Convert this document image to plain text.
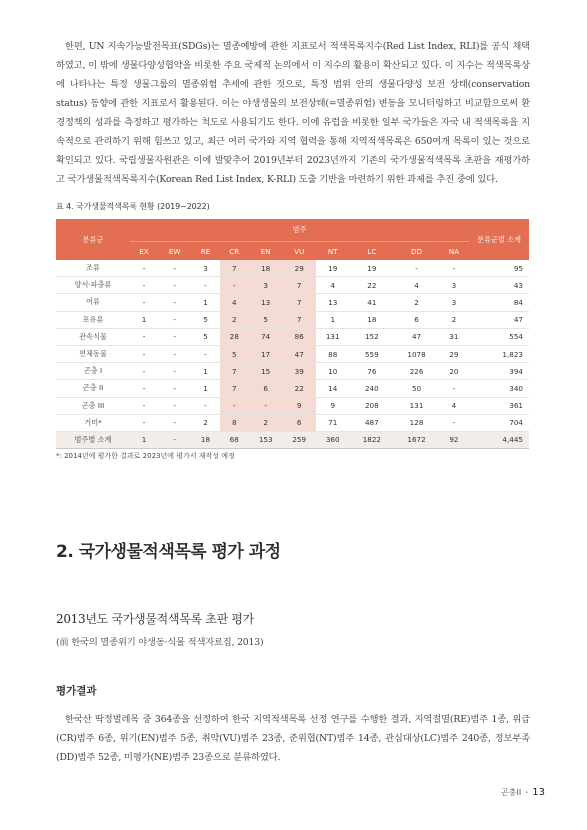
한편, UN 지속가능발전목표(SDGs)는 멸종예방에 관한 지표로서 적색목록지수(Red List Index, RLI)를 공식 채택하였고, 이 밖에 생물다양성협약을 비롯한 주요 국제적 논의에서 이 지수의 활용이 확산되고 있다. 이 지수는 적색목록상에 나타나는 특정 생물그룹의 멸종위험 추세에 관한 것으로, 특정 범위 안의 생물다양성 보전 상태(conservation status) 동향에 관한 지표로서 활용된다. 이는 야생생물의 보전상태(=멸종위험) 변동을 모니터링하고 비교함으로써 환경정책의 성과를 측정하고 평가하는 척도로 사용되기도 한다. 이에 유럽을 비롯한 일부 국가들은 자국 내 적색목록을 지속적으로 관리하기 위해 힘쓰고 있고, 최근 여러 국가와 지역 협력을 통해 지역적색목록은 650여개 목록이 있는 것으로 확인되고 있다. 국립생물자원관은 이에 발맞추어 2019년부터 2023년까지 기존의 국가생물적색목록 초판을 재평가하고 국가생물적색목록지수(Korean Red List Index, K-RLI) 도출 기반을 마련하기 위한 과제를 추진 중에 있다.

표 4. 국가생물적색목록 현황 (2019~2022)
분류군	범주										분류군별 소계
	EX	EW	RE	CR	EN	VU	NT	LC	DD	NA	
조류	-	-	3	7	18	29	19	19	-	-	95
양서·파충류	-	-	-	-	3	7	4	22	4	3	43
어류	-	-	1	4	13	7	13	41	2	3	84
포유류	1	-	5	2	5	7	1	18	6	2	47
관속식물	-	-	5	28	74	86	131	152	47	31	554
연체동물	-	-	-	5	17	47	88	559	1078	29	1,823
곤충 I	-	-	1	7	15	39	10	76	226	20	394
곤충 II	-	-	1	7	6	22	14	240	50	-	340
곤충 III	-	-	-	-	-	9	9	208	131	4	361
거미*	-	-	2	8	2	6	71	487	128	-	704
범주별 소계	1	-	18	68	153	259	360	1822	1672	92	4,445
*: 2014년에 평가한 결과로 2023년에 평가서 재작성 예정
2. 국가생물적색목록 평가 과정
2013년도 국가생물적색목록 초판 평가
(前 한국의 멸종위기 야생동·식물 적색자료집, 2013)
평가결과

한국산 딱정벌레목 중 364종을 선정하여 한국 지역적색목록 선정 연구를 수행한 결과, 지역절멸(RE)범주 1종, 위급(CR)범주 6종, 위기(EN)범주 5종, 취약(VU)범주 23종, 준위협(NT)범주 14종, 관심대상(LC)범주 240종, 정보부족(DD)범주 52종, 미평가(NE)범주 23종으로 분류하였다.

곤충II · 13
